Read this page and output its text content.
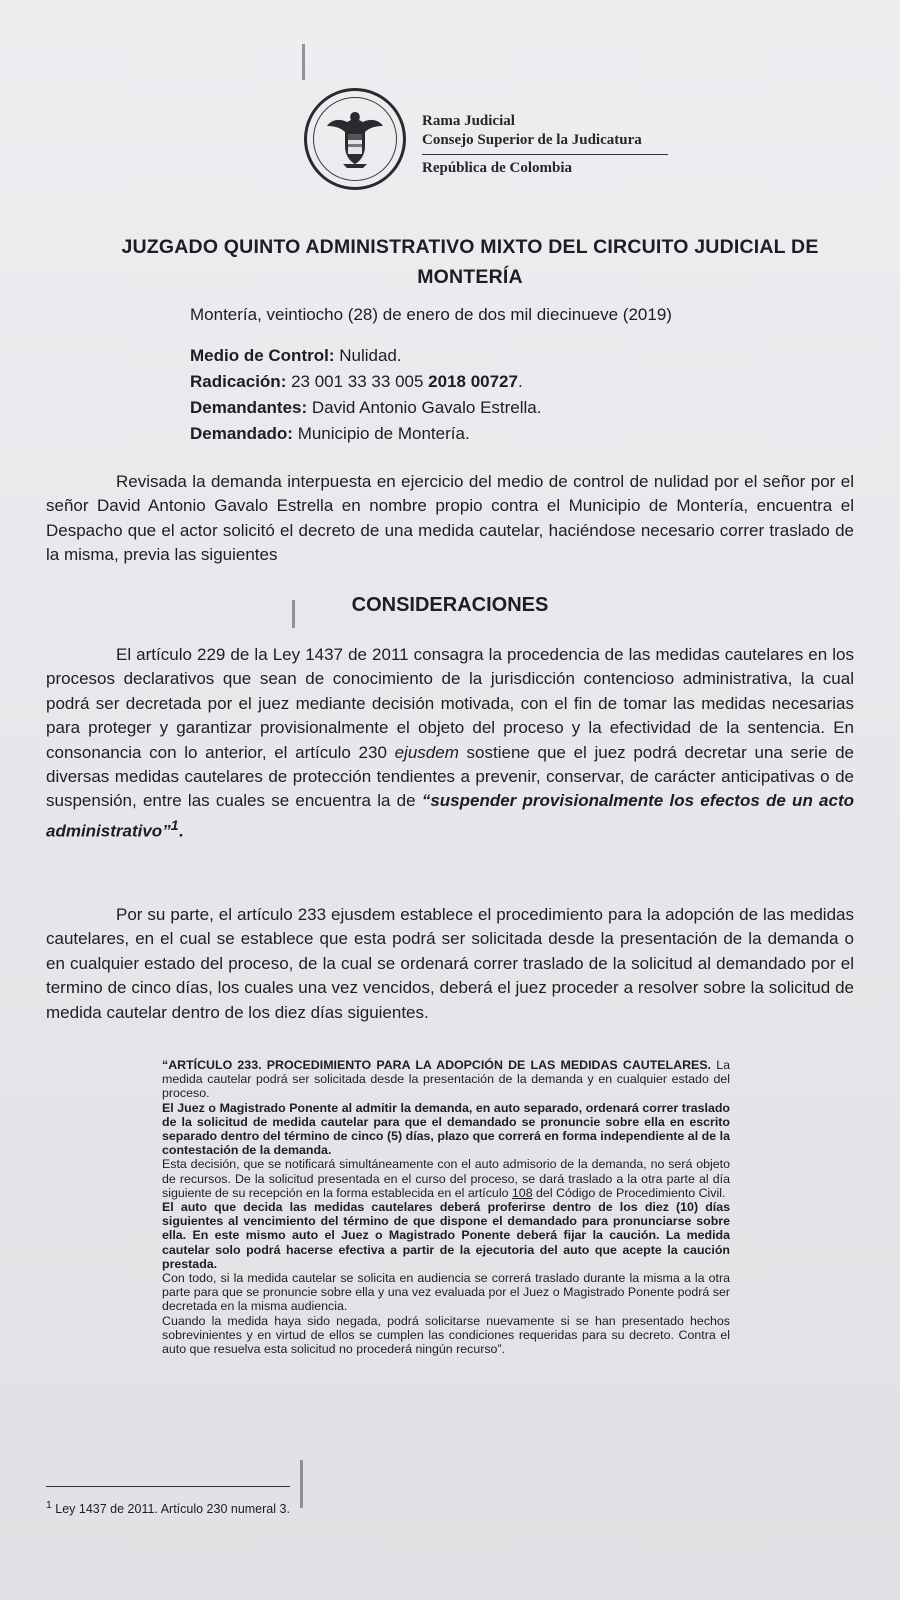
Rama Judicial
Consejo Superior de la Judicatura
República de Colombia
JUZGADO QUINTO ADMINISTRATIVO MIXTO DEL CIRCUITO JUDICIAL DE
MONTERÍA
Montería, veintiocho (28) de enero de dos mil diecinueve (2019)
Medio de Control: Nulidad.
Radicación: 23 001 33 33 005 2018 00727.
Demandantes: David Antonio Gavalo Estrella.
Demandado: Municipio de Montería.
Revisada la demanda interpuesta en ejercicio del medio de control de nulidad por el señor por el señor David Antonio Gavalo Estrella en nombre propio contra el Municipio de Montería, encuentra el Despacho que el actor solicitó el decreto de una medida cautelar, haciéndose necesario correr traslado de la misma, previa las siguientes
CONSIDERACIONES
El artículo 229 de la Ley 1437 de 2011 consagra la procedencia de las medidas cautelares en los procesos declarativos que sean de conocimiento de la jurisdicción contencioso administrativa, la cual podrá ser decretada por el juez mediante decisión motivada, con el fin de tomar las medidas necesarias para proteger y garantizar provisionalmente el objeto del proceso y la efectividad de la sentencia. En consonancia con lo anterior, el artículo 230 ejusdem sostiene que el juez podrá decretar una serie de diversas medidas cautelares de protección tendientes a prevenir, conservar, de carácter anticipativas o de suspensión, entre las cuales se encuentra la de “suspender provisionalmente los efectos de un acto administrativo”$^1$.
Por su parte, el artículo 233 ejusdem establece el procedimiento para la adopción de las medidas cautelares, en el cual se establece que esta podrá ser solicitada desde la presentación de la demanda o en cualquier estado del proceso, de la cual se ordenará correr traslado de la solicitud al demandado por el termino de cinco días, los cuales una vez vencidos, deberá el juez proceder a resolver sobre la solicitud de medida cautelar dentro de los diez días siguientes.

“ARTÍCULO 233. PROCEDIMIENTO PARA LA ADOPCIÓN DE LAS MEDIDAS CAUTELARES. La medida cautelar podrá ser solicitada desde la presentación de la demanda y en cualquier estado del proceso.

El Juez o Magistrado Ponente al admitir la demanda, en auto separado, ordenará correr traslado de la solicitud de medida cautelar para que el demandado se pronuncie sobre ella en escrito separado dentro del término de cinco (5) días, plazo que correrá en forma independiente al de la contestación de la demanda.

Esta decisión, que se notificará simultáneamente con el auto admisorio de la demanda, no será objeto de recursos. De la solicitud presentada en el curso del proceso, se dará traslado a la otra parte al día siguiente de su recepción en la forma establecida en el artículo 108 del Código de Procedimiento Civil.

El auto que decida las medidas cautelares deberá proferirse dentro de los diez (10) días siguientes al vencimiento del término de que dispone el demandado para pronunciarse sobre ella. En este mismo auto el Juez o Magistrado Ponente deberá fijar la caución. La medida cautelar solo podrá hacerse efectiva a partir de la ejecutoria del auto que acepte la caución prestada.

Con todo, si la medida cautelar se solicita en audiencia se correrá traslado durante la misma a la otra parte para que se pronuncie sobre ella y una vez evaluada por el Juez o Magistrado Ponente podrá ser decretada en la misma audiencia.

Cuando la medida haya sido negada, podrá solicitarse nuevamente si se han presentado hechos sobrevinientes y en virtud de ellos se cumplen las condiciones requeridas para su decreto. Contra el auto que resuelva esta solicitud no procederá ningún recurso”.

$^1$ Ley 1437 de 2011. Artículo 230 numeral 3.
